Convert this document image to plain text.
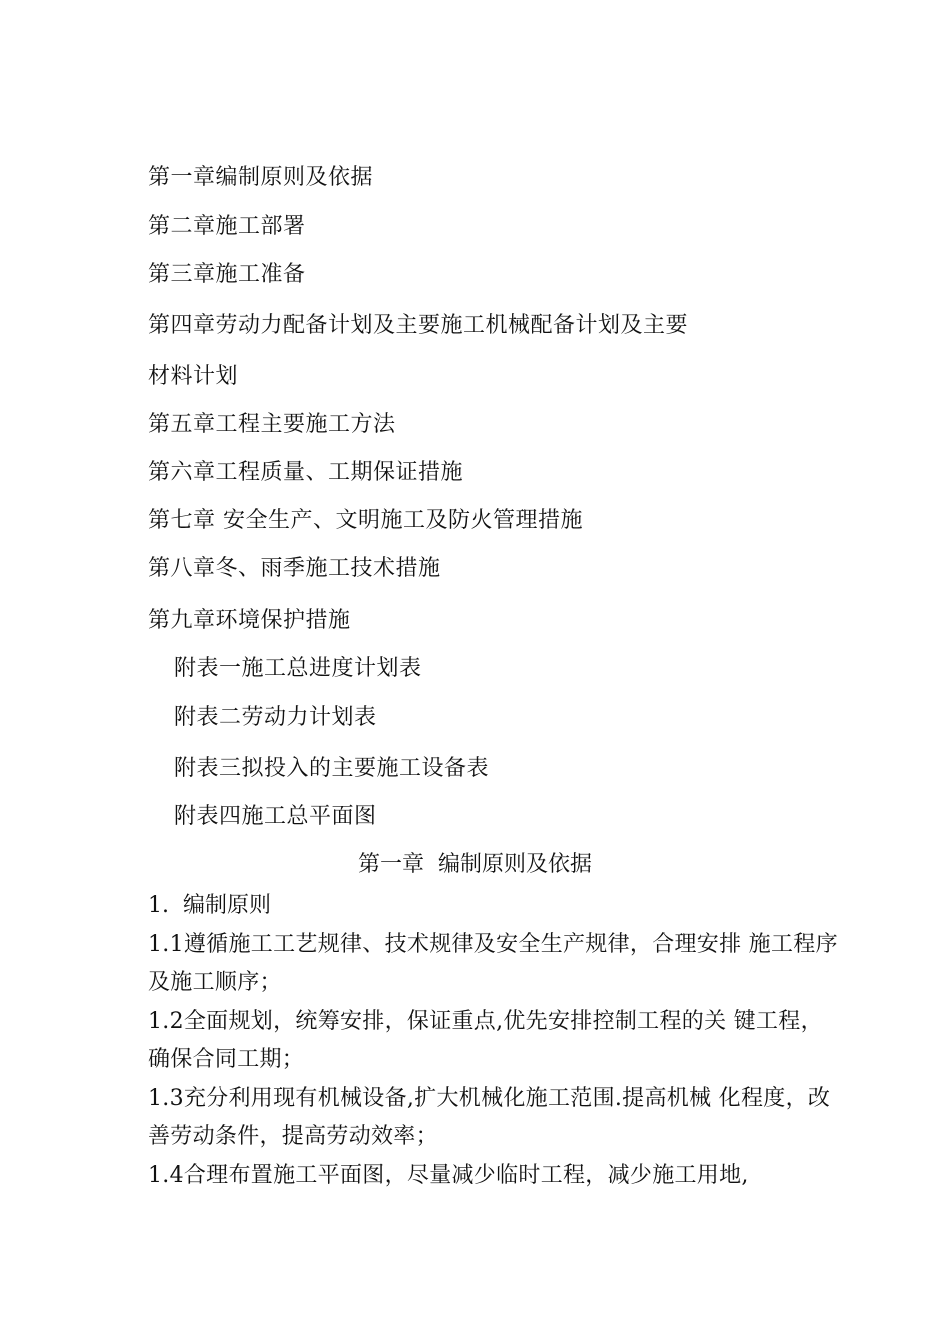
第一章编制原则及依据
第二章施工部署
第三章施工准备
第四章劳动力配备计划及主要施工机械配备计划及主要
材料计划
第五章工程主要施工方法
第六章工程质量、工期保证措施
第七章 安全生产、文明施工及防火管理措施
第八章冬、雨季施工技术措施
第九章环境保护措施
附表一施工总进度计划表
附表二劳动力计划表
附表三拟投入的主要施工设备表
附表四施工总平面图
第一章  编制原则及依据
1.  编制原则
1.1遵循施工工艺规律、技术规律及安全生产规律，合理安排 施工程序及施工顺序；
1.2全面规划，统筹安排，保证重点,优先安排控制工程的关 键工程，确保合同工期；
1.3充分利用现有机械设备,扩大机械化施工范围.提高机械 化程度，改善劳动条件，提高劳动效率；
1.4合理布置施工平面图，尽量减少临时工程，减少施工用地,
